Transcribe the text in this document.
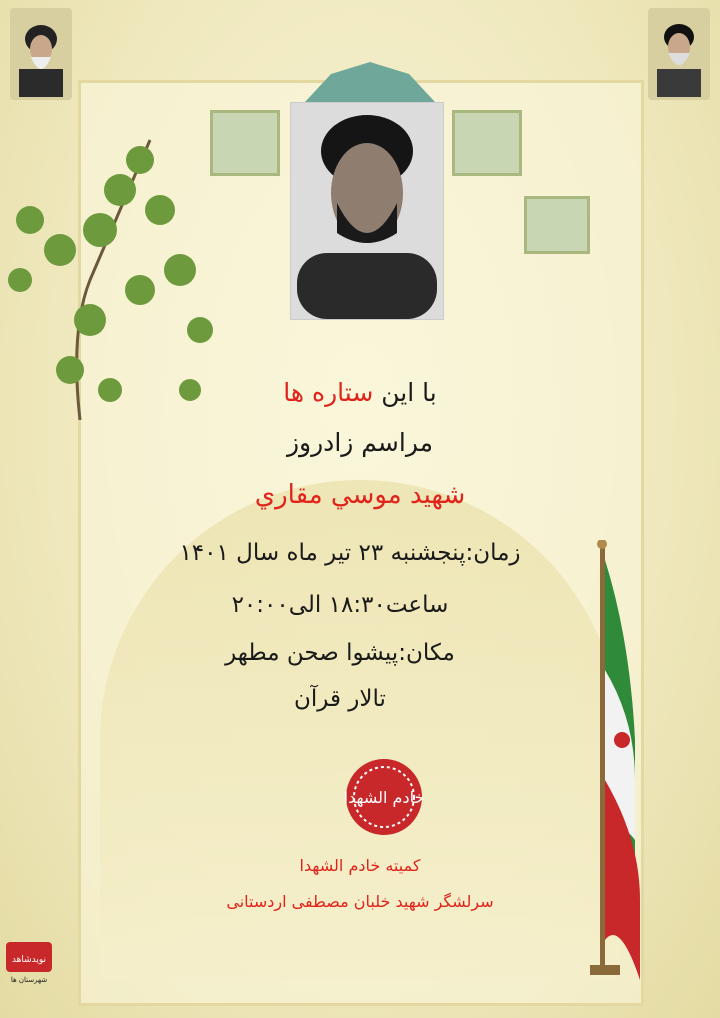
با این ستاره ها
مراسم زادروز
شهید موسي مقاري
زمان:پنجشنبه ۲۳ تیر ماه سال ۱۴۰۱
ساعت۱۸:۳۰ الی۲۰:۰۰
مکان:پیشوا صحن مطهر
تالار قرآن
خادم الشهدا
کمیته خادم الشهدا
سرلشگر شهید خلبان مصطفی اردستانی
نویدشاهد
شهرستان ها
